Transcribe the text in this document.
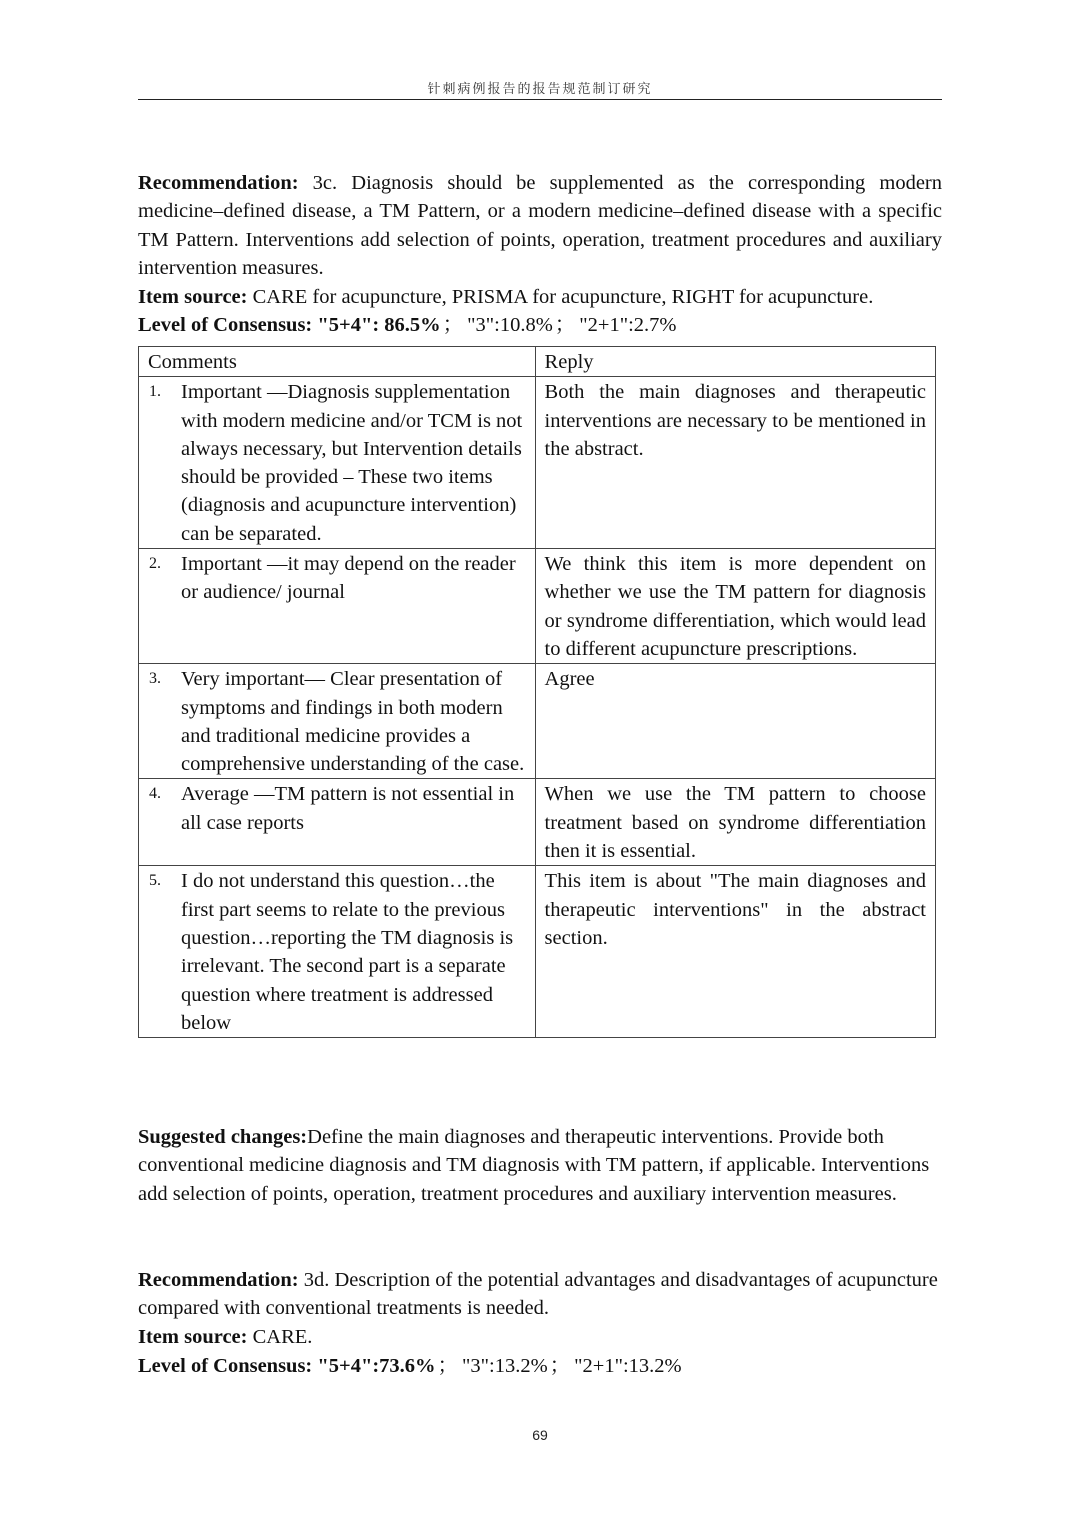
针刺病例报告的报告规范制订研究
Recommendation: 3c. Diagnosis should be supplemented as the corresponding modern medicine–defined disease, a TM Pattern, or a modern medicine–defined disease with a specific TM Pattern. Interventions add selection of points, operation, treatment procedures and auxiliary intervention measures.
Item source: CARE for acupuncture, PRISMA for acupuncture, RIGHT for acupuncture.
Level of Consensus: "5+4": 86.5%； "3":10.8%； "2+1":2.7%
Comments	Reply

1. Important —Diagnosis supplementation with modern medicine and/or TCM is not always necessary, but Intervention details should be provided – These two items (diagnosis and acupuncture intervention) can be separated.	Both the main diagnoses and therapeutic interventions are necessary to be mentioned in the abstract.

2. Important —it may depend on the reader or audience/ journal	We think this item is more dependent on whether we use the TM pattern for diagnosis or syndrome differentiation, which would lead to different acupuncture prescriptions.

3. Very important— Clear presentation of symptoms and findings in both modern and traditional medicine provides a comprehensive understanding of the case.	Agree

4. Average —TM pattern is not essential in all case reports	When we use the TM pattern to choose treatment based on syndrome differentiation then it is essential.

5. I do not understand this question…the first part seems to relate to the previous question…reporting the TM diagnosis is irrelevant. The second part is a separate question where treatment is addressed below	This item is about "The main diagnoses and therapeutic interventions" in the abstract section.
Suggested changes:Define the main diagnoses and therapeutic interventions. Provide both conventional medicine diagnosis and TM diagnosis with TM pattern, if applicable. Interventions add selection of points, operation, treatment procedures and auxiliary intervention measures.
Recommendation: 3d. Description of the potential advantages and disadvantages of acupuncture compared with conventional treatments is needed.
Item source: CARE.
Level of Consensus: "5+4":73.6%； "3":13.2%； "2+1":13.2%
69
